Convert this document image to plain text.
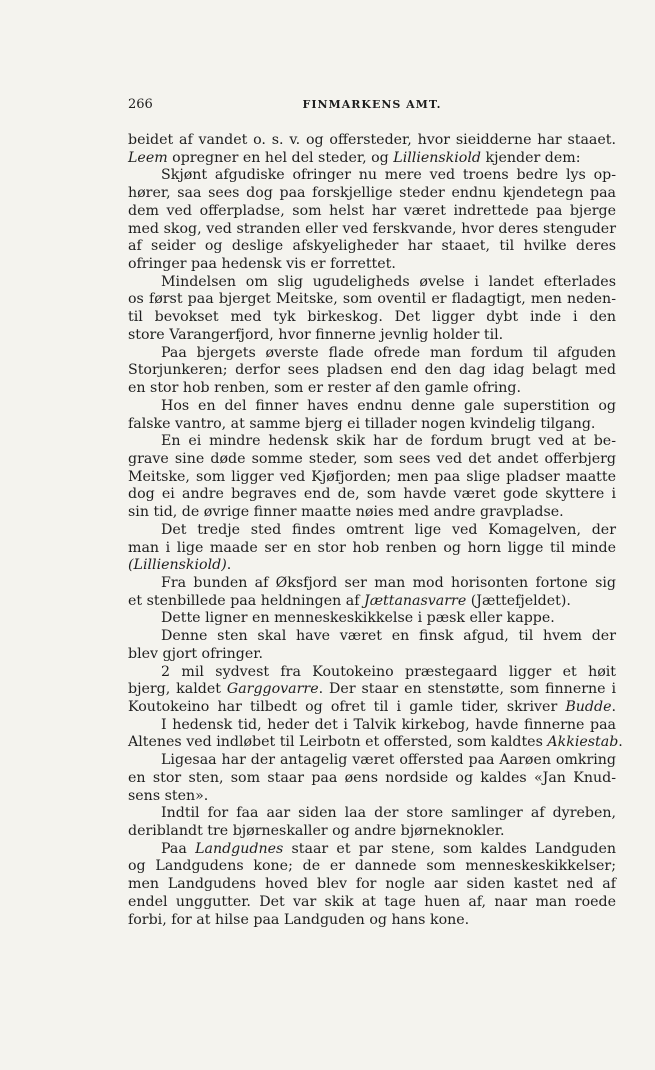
266	FINMARKENS AMT.
beidet af vandet o. s. v. og offersteder, hvor sieidderne har staaet.
Leem opregner en hel del steder, og Lillienskiold kjender dem:
Skjønt afgudiske ofringer nu mere ved troens bedre lys op-
hører, saa sees dog paa forskjellige steder endnu kjendetegn paa
dem ved offerpladse, som helst har været indrettede paa bjerge
med skog, ved stranden eller ved ferskvande, hvor deres stenguder
af seider og deslige afskyeligheder har staaet, til hvilke deres
ofringer paa hedensk vis er forrettet.
Mindelsen om slig ugudeligheds øvelse i landet efterlades
os først paa bjerget Meitske, som oventil er fladagtigt, men neden-
til bevokset med tyk birkeskog. Det ligger dybt inde i den
store Varangerfjord, hvor finnerne jevnlig holder til.
Paa bjergets øverste flade ofrede man fordum til afguden
Storjunkeren; derfor sees pladsen end den dag idag belagt med
en stor hob renben, som er rester af den gamle ofring.
Hos en del finner haves endnu denne gale superstition og
falske vantro, at samme bjerg ei tillader nogen kvindelig tilgang.
En ei mindre hedensk skik har de fordum brugt ved at be-
grave sine døde somme steder, som sees ved det andet offerbjerg
Meitske, som ligger ved Kjøfjorden; men paa slige pladser maatte
dog ei andre begraves end de, som havde været gode skyttere i
sin tid, de øvrige finner maatte nøies med andre gravpladse.
Det tredje sted findes omtrent lige ved Komagelven, der
man i lige maade ser en stor hob renben og horn ligge til minde
(Lillienskiold).
Fra bunden af Øksfjord ser man mod horisonten fortone sig
et stenbillede paa heldningen af Jættanasvarre (Jættefjeldet).
Dette ligner en menneskeskikkelse i pæsk eller kappe.
Denne sten skal have været en finsk afgud, til hvem der
blev gjort ofringer.
2 mil sydvest fra Koutokeino præstegaard ligger et høit
bjerg, kaldet Garggovarre. Der staar en stenstøtte, som finnerne i
Koutokeino har tilbedt og ofret til i gamle tider, skriver Budde.
I hedensk tid, heder det i Talvik kirkebog, havde finnerne paa
Altenes ved indløbet til Leirbotn et offersted, som kaldtes Akkiestab.
Ligesaa har der antagelig været offersted paa Aarøen omkring
en stor sten, som staar paa øens nordside og kaldes «Jan Knud-
sens sten».
Indtil for faa aar siden laa der store samlinger af dyreben,
deriblandt tre bjørneskaller og andre bjørneknokler.
Paa Landgudnes staar et par stene, som kaldes Landguden
og Landgudens kone; de er dannede som menneskeskikkelser;
men Landgudens hoved blev for nogle aar siden kastet ned af
endel unggutter. Det var skik at tage huen af, naar man roede
forbi, for at hilse paa Landguden og hans kone.
